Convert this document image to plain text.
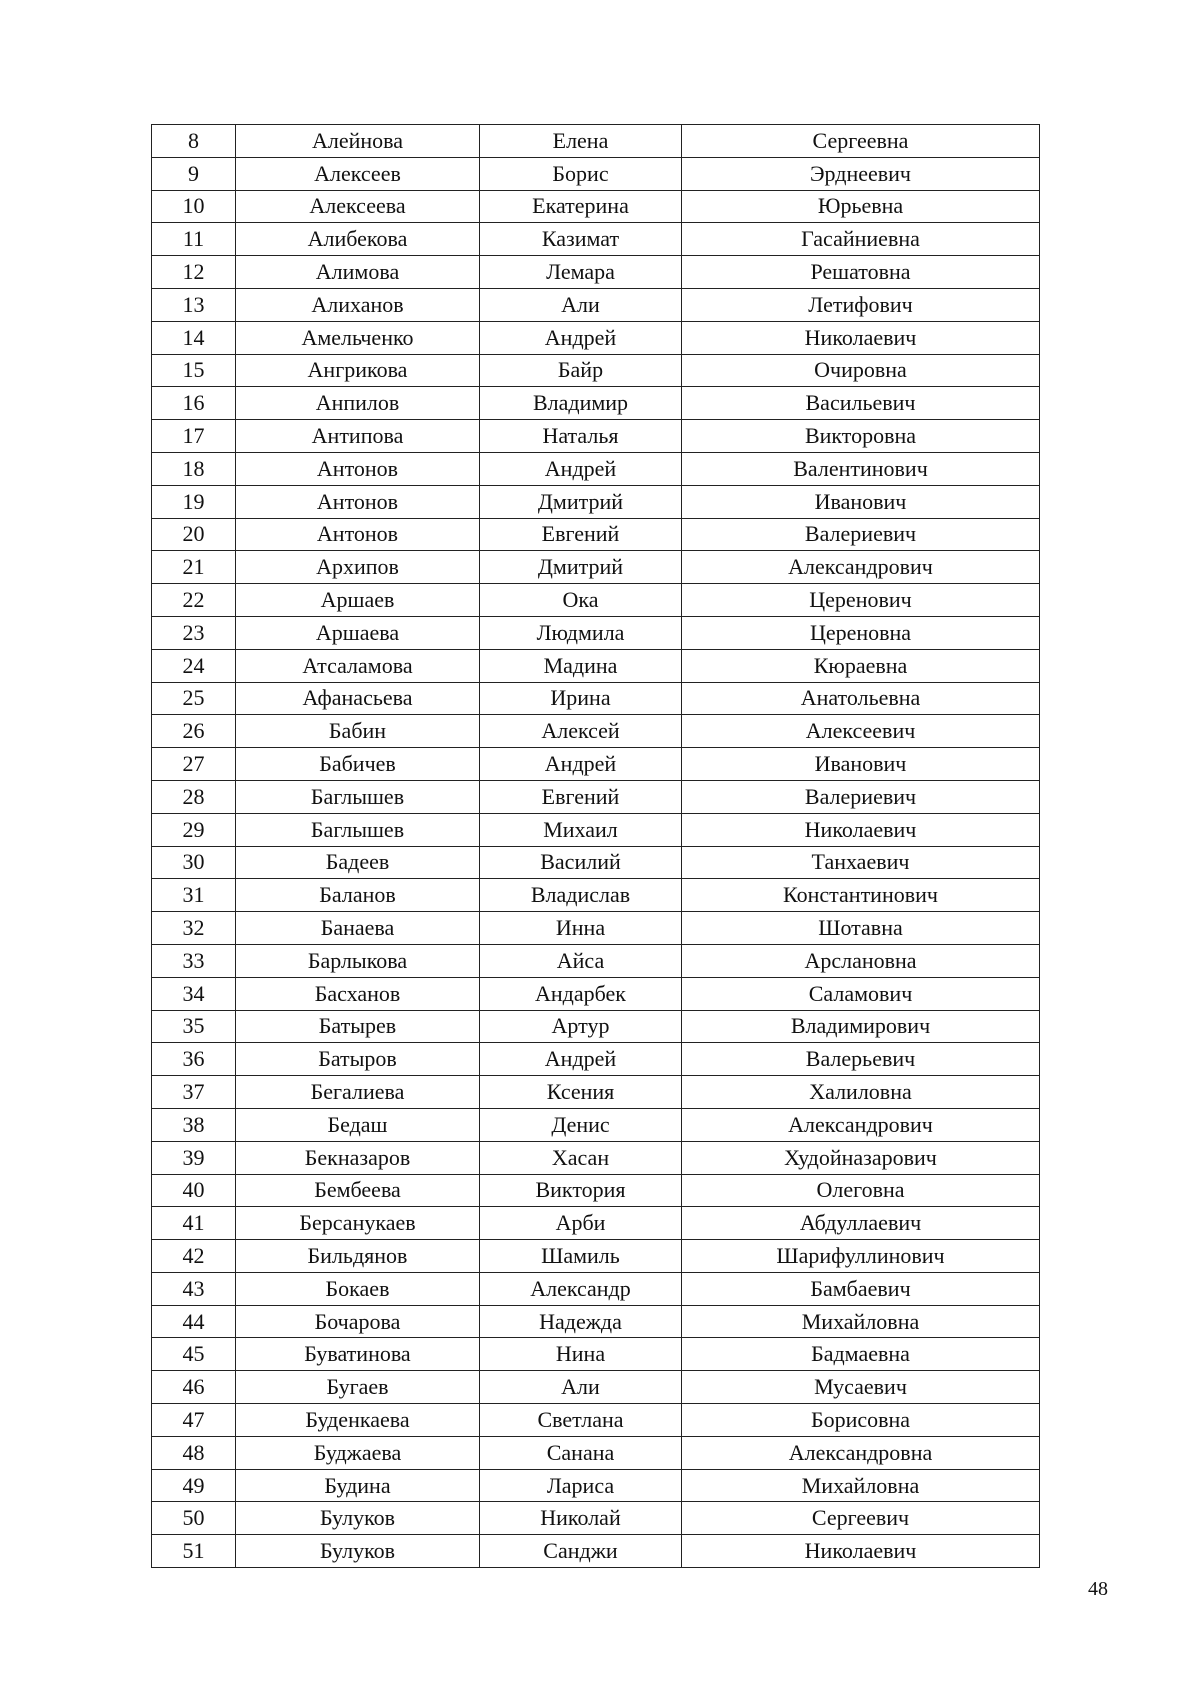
8	Алейнова	Елена	Сергеевна
9	Алексеев	Борис	Эрднеевич
10	Алексеева	Екатерина	Юрьевна
11	Алибекова	Казимат	Гасайниевна
12	Алимова	Лемара	Решатовна
13	Алиханов	Али	Летифович
14	Амельченко	Андрей	Николаевич
15	Ангрикова	Байр	Очировна
16	Анпилов	Владимир	Васильевич
17	Антипова	Наталья	Викторовна
18	Антонов	Андрей	Валентинович
19	Антонов	Дмитрий	Иванович
20	Антонов	Евгений	Валериевич
21	Архипов	Дмитрий	Александрович
22	Аршаев	Ока	Цеpенович
23	Аршаева	Людмила	Цереновна
24	Атсаламова	Мадина	Кюраевна
25	Афанасьева	Ирина	Анатольевна
26	Бабин	Алексей	Алексеевич
27	Бабичев	Андрей	Иванович
28	Баглышев	Евгений	Валериевич
29	Баглышев	Михаил	Николаевич
30	Бадеев	Василий	Танхаевич
31	Баланов	Владислав	Константинович
32	Банаева	Инна	Шотавна
33	Барлыкова	Айса	Арслановна
34	Басханов	Андарбек	Саламович
35	Батырев	Артур	Владимирович
36	Батыров	Андрей	Валерьевич
37	Бегалиева	Ксения	Халиловна
38	Бедаш	Денис	Александрович
39	Бекназаров	Хасан	Худойназарович
40	Бембеева	Виктория	Олеговна
41	Берсанукаев	Арби	Абдуллаевич
42	Бильдянов	Шамиль	Шарифуллинович
43	Бокаев	Александр	Бамбаевич
44	Бочарова	Надежда	Михайловна
45	Буватинова	Нина	Бадмаевна
46	Бугаев	Али	Мусаевич
47	Буденкаева	Светлана	Борисовна
48	Буджаева	Санана	Александровна
49	Будина	Лариса	Михайловна
50	Булуков	Николай	Сергеевич
51	Булуков	Санджи	Николаевич
48
